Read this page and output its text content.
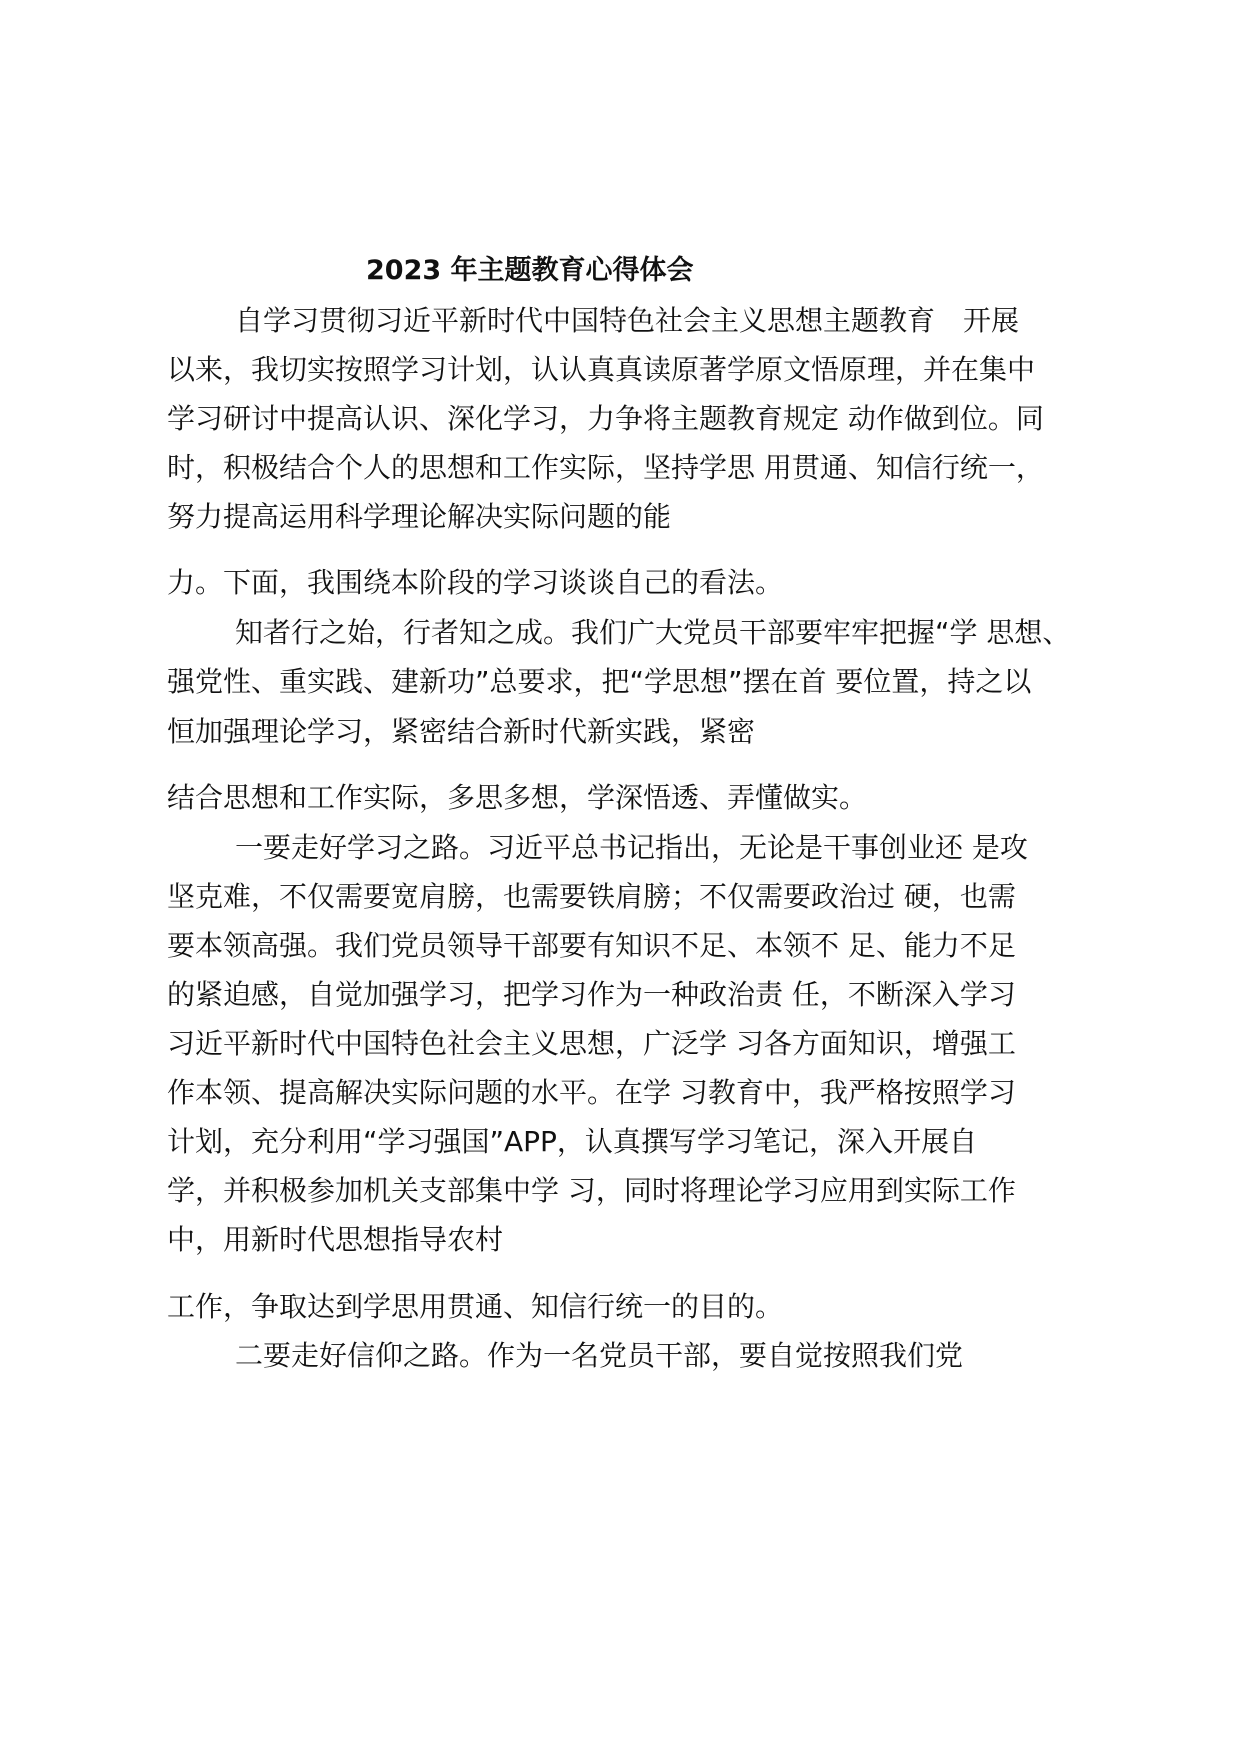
2023 年主题教育心得体会
自学习贯彻习近平新时代中国特色社会主义思想主题教育　开展
以来，我切实按照学习计划，认认真真读原著学原文悟原理，并在集中
学习研讨中提高认识、深化学习，力争将主题教育规定 动作做到位。同
时，积极结合个人的思想和工作实际，坚持学思 用贯通、知信行统一，
努力提高运用科学理论解决实际问题的能
力。下面，我围绕本阶段的学习谈谈自己的看法。
知者行之始，行者知之成。我们广大党员干部要牢牢把握“学 思想、
强党性、重实践、建新功”总要求，把“学思想”摆在首 要位置，持之以
恒加强理论学习，紧密结合新时代新实践，紧密
结合思想和工作实际，多思多想，学深悟透、弄懂做实。
一要走好学习之路。习近平总书记指出，无论是干事创业还 是攻
坚克难，不仅需要宽肩膀，也需要铁肩膀；不仅需要政治过 硬，也需
要本领高强。我们党员领导干部要有知识不足、本领不 足、能力不足
的紧迫感，自觉加强学习，把学习作为一种政治责 任，不断深入学习
习近平新时代中国特色社会主义思想，广泛学 习各方面知识，增强工
作本领、提高解决实际问题的水平。在学 习教育中，我严格按照学习
计划，充分利用“学习强国”APP，认真撰写学习笔记，深入开展自
学，并积极参加机关支部集中学 习，同时将理论学习应用到实际工作
中，用新时代思想指导农村
工作，争取达到学思用贯通、知信行统一的目的。
二要走好信仰之路。作为一名党员干部，要自觉按照我们党
